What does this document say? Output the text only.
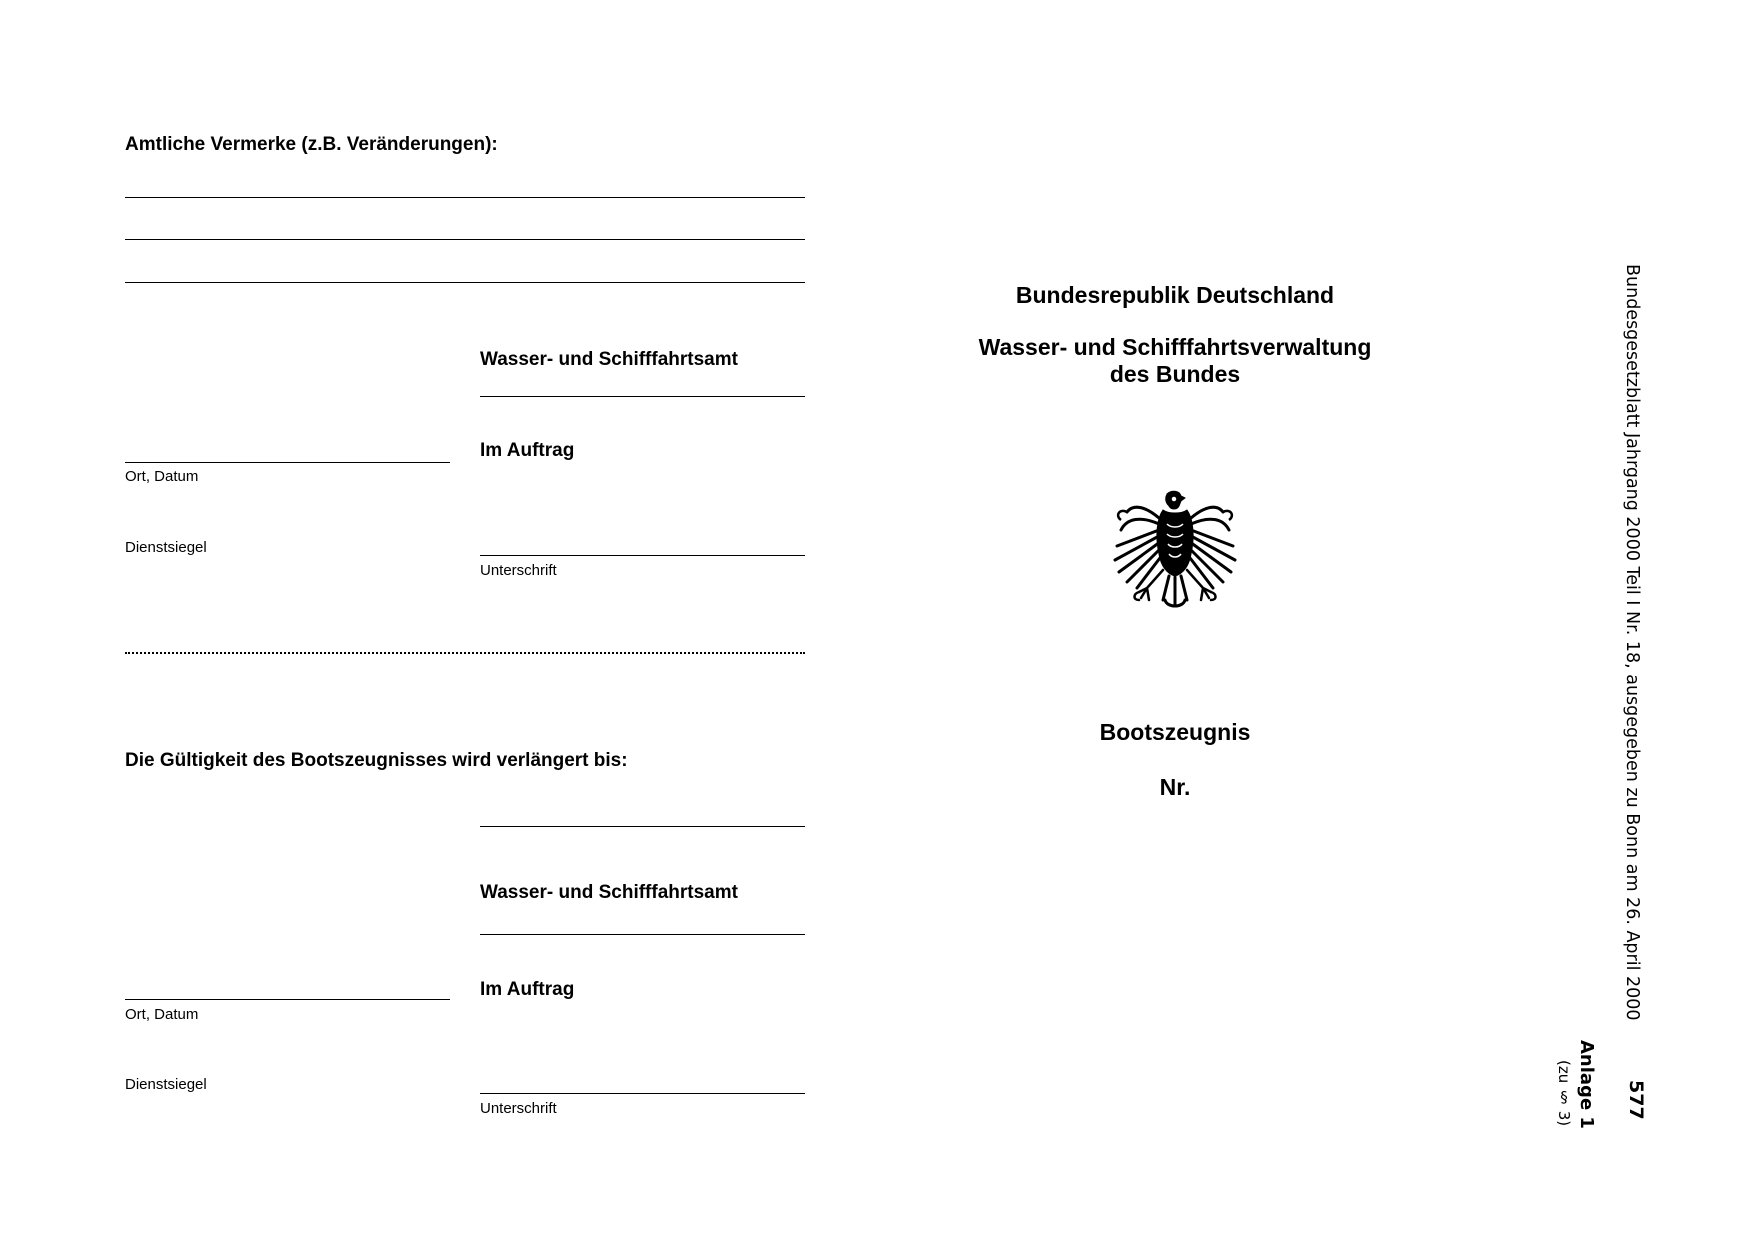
Amtliche Vermerke (z.B. Veränderungen):
Wasser- und Schifffahrtsamt
Im Auftrag
Ort, Datum
Dienstsiegel
Unterschrift
Die Gültigkeit des Bootszeugnisses wird verlängert bis:
Wasser- und Schifffahrtsamt
Im Auftrag
Ort, Datum
Dienstsiegel
Unterschrift
Bundesrepublik Deutschland
Wasser- und Schifffahrtsverwaltung
des Bundes
Bootszeugnis
Nr.	Bundesgesetzblatt Jahrgang 2000 Teil I Nr. 18, ausgegeben zu Bonn am 26. April 2000
577
Anlage 1
(zu § 3)
